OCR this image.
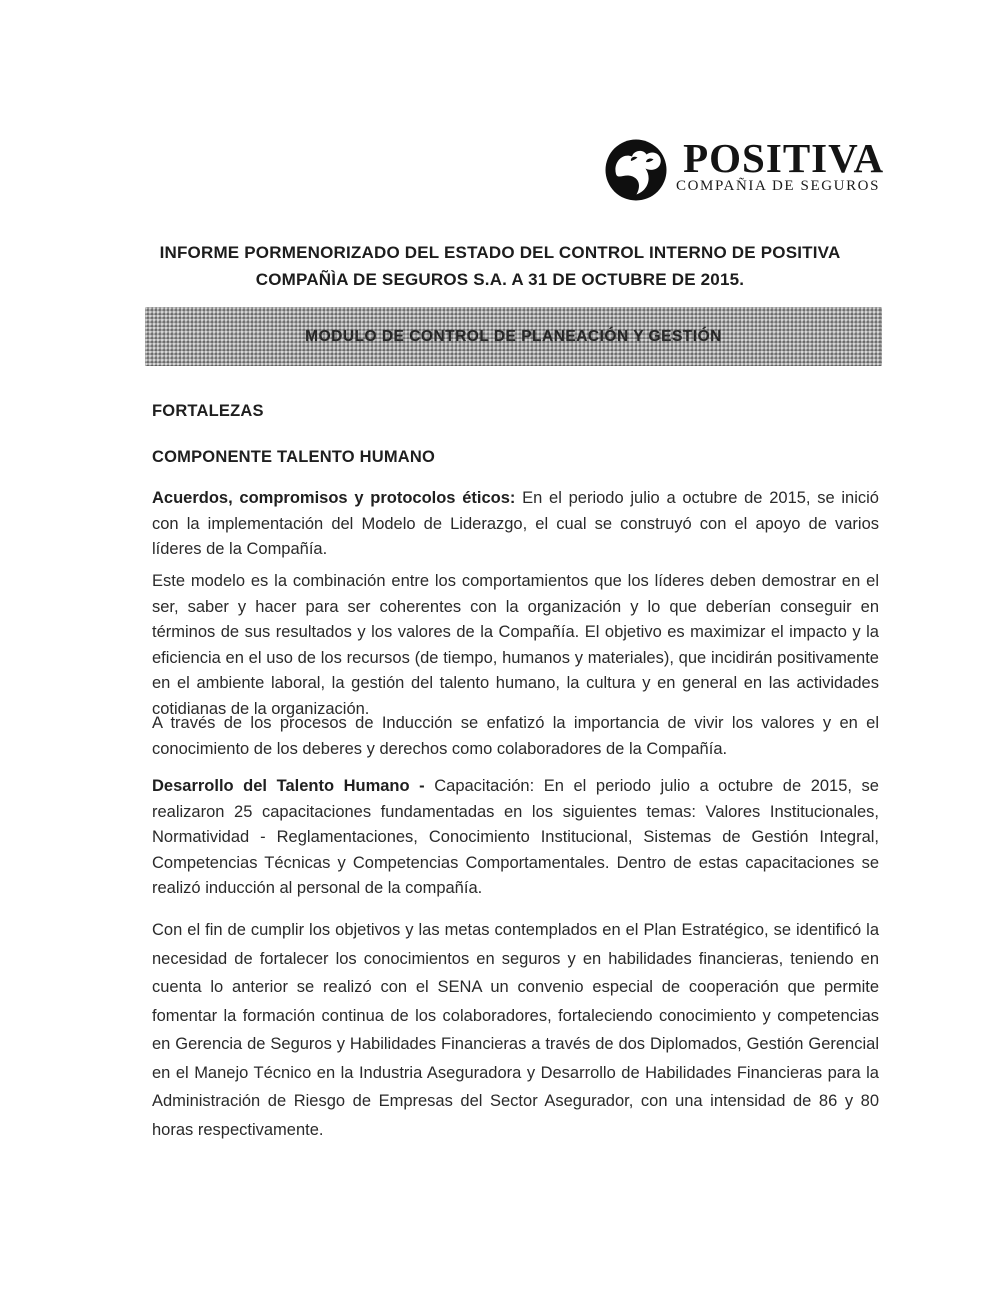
POSITIVA
COMPAÑIA DE SEGUROS
INFORME PORMENORIZADO DEL ESTADO DEL CONTROL INTERNO DE POSITIVA
COMPAÑÌA DE SEGUROS S.A. A 31 DE OCTUBRE DE 2015.
MODULO DE CONTROL DE PLANEACIÓN Y GESTIÓN
FORTALEZAS
COMPONENTE TALENTO HUMANO

Acuerdos, compromisos y protocolos éticos: En el periodo julio a octubre de 2015, se inició con la implementación del Modelo de Liderazgo, el cual se construyó con el apoyo de varios líderes de la Compañía.

Este modelo es la combinación entre los comportamientos que los líderes deben demostrar en el ser, saber y hacer para ser coherentes con la organización y lo que deberían conseguir en términos de sus resultados y los valores de la Compañía. El objetivo es maximizar el impacto y la eficiencia en el uso de los recursos (de tiempo, humanos y materiales), que incidirán positivamente en el ambiente laboral, la gestión del talento humano, la cultura y en general en las actividades cotidianas de la organización.

A través de los procesos de Inducción se enfatizó la importancia de vivir los valores y en el conocimiento de los deberes y derechos como colaboradores de la Compañía.

Desarrollo del Talento Humano - Capacitación: En el periodo julio a octubre de 2015, se realizaron 25 capacitaciones fundamentadas en los siguientes temas: Valores Institucionales, Normatividad - Reglamentaciones, Conocimiento Institucional, Sistemas de Gestión Integral, Competencias Técnicas y Competencias Comportamentales. Dentro de estas capacitaciones se realizó inducción al personal de la compañía.

Con el fin de cumplir los objetivos y las metas contemplados en el Plan Estratégico, se identificó la necesidad de fortalecer los conocimientos en seguros y en habilidades financieras, teniendo en cuenta lo anterior se realizó con el SENA un convenio especial de cooperación que permite fomentar la formación continua de los colaboradores, fortaleciendo conocimiento y competencias en Gerencia de Seguros y Habilidades Financieras a través de dos Diplomados, Gestión Gerencial en el Manejo Técnico en la Industria Aseguradora y Desarrollo de Habilidades Financieras para la Administración de Riesgo de Empresas del Sector Asegurador, con una intensidad de 86 y 80 horas respectivamente.
